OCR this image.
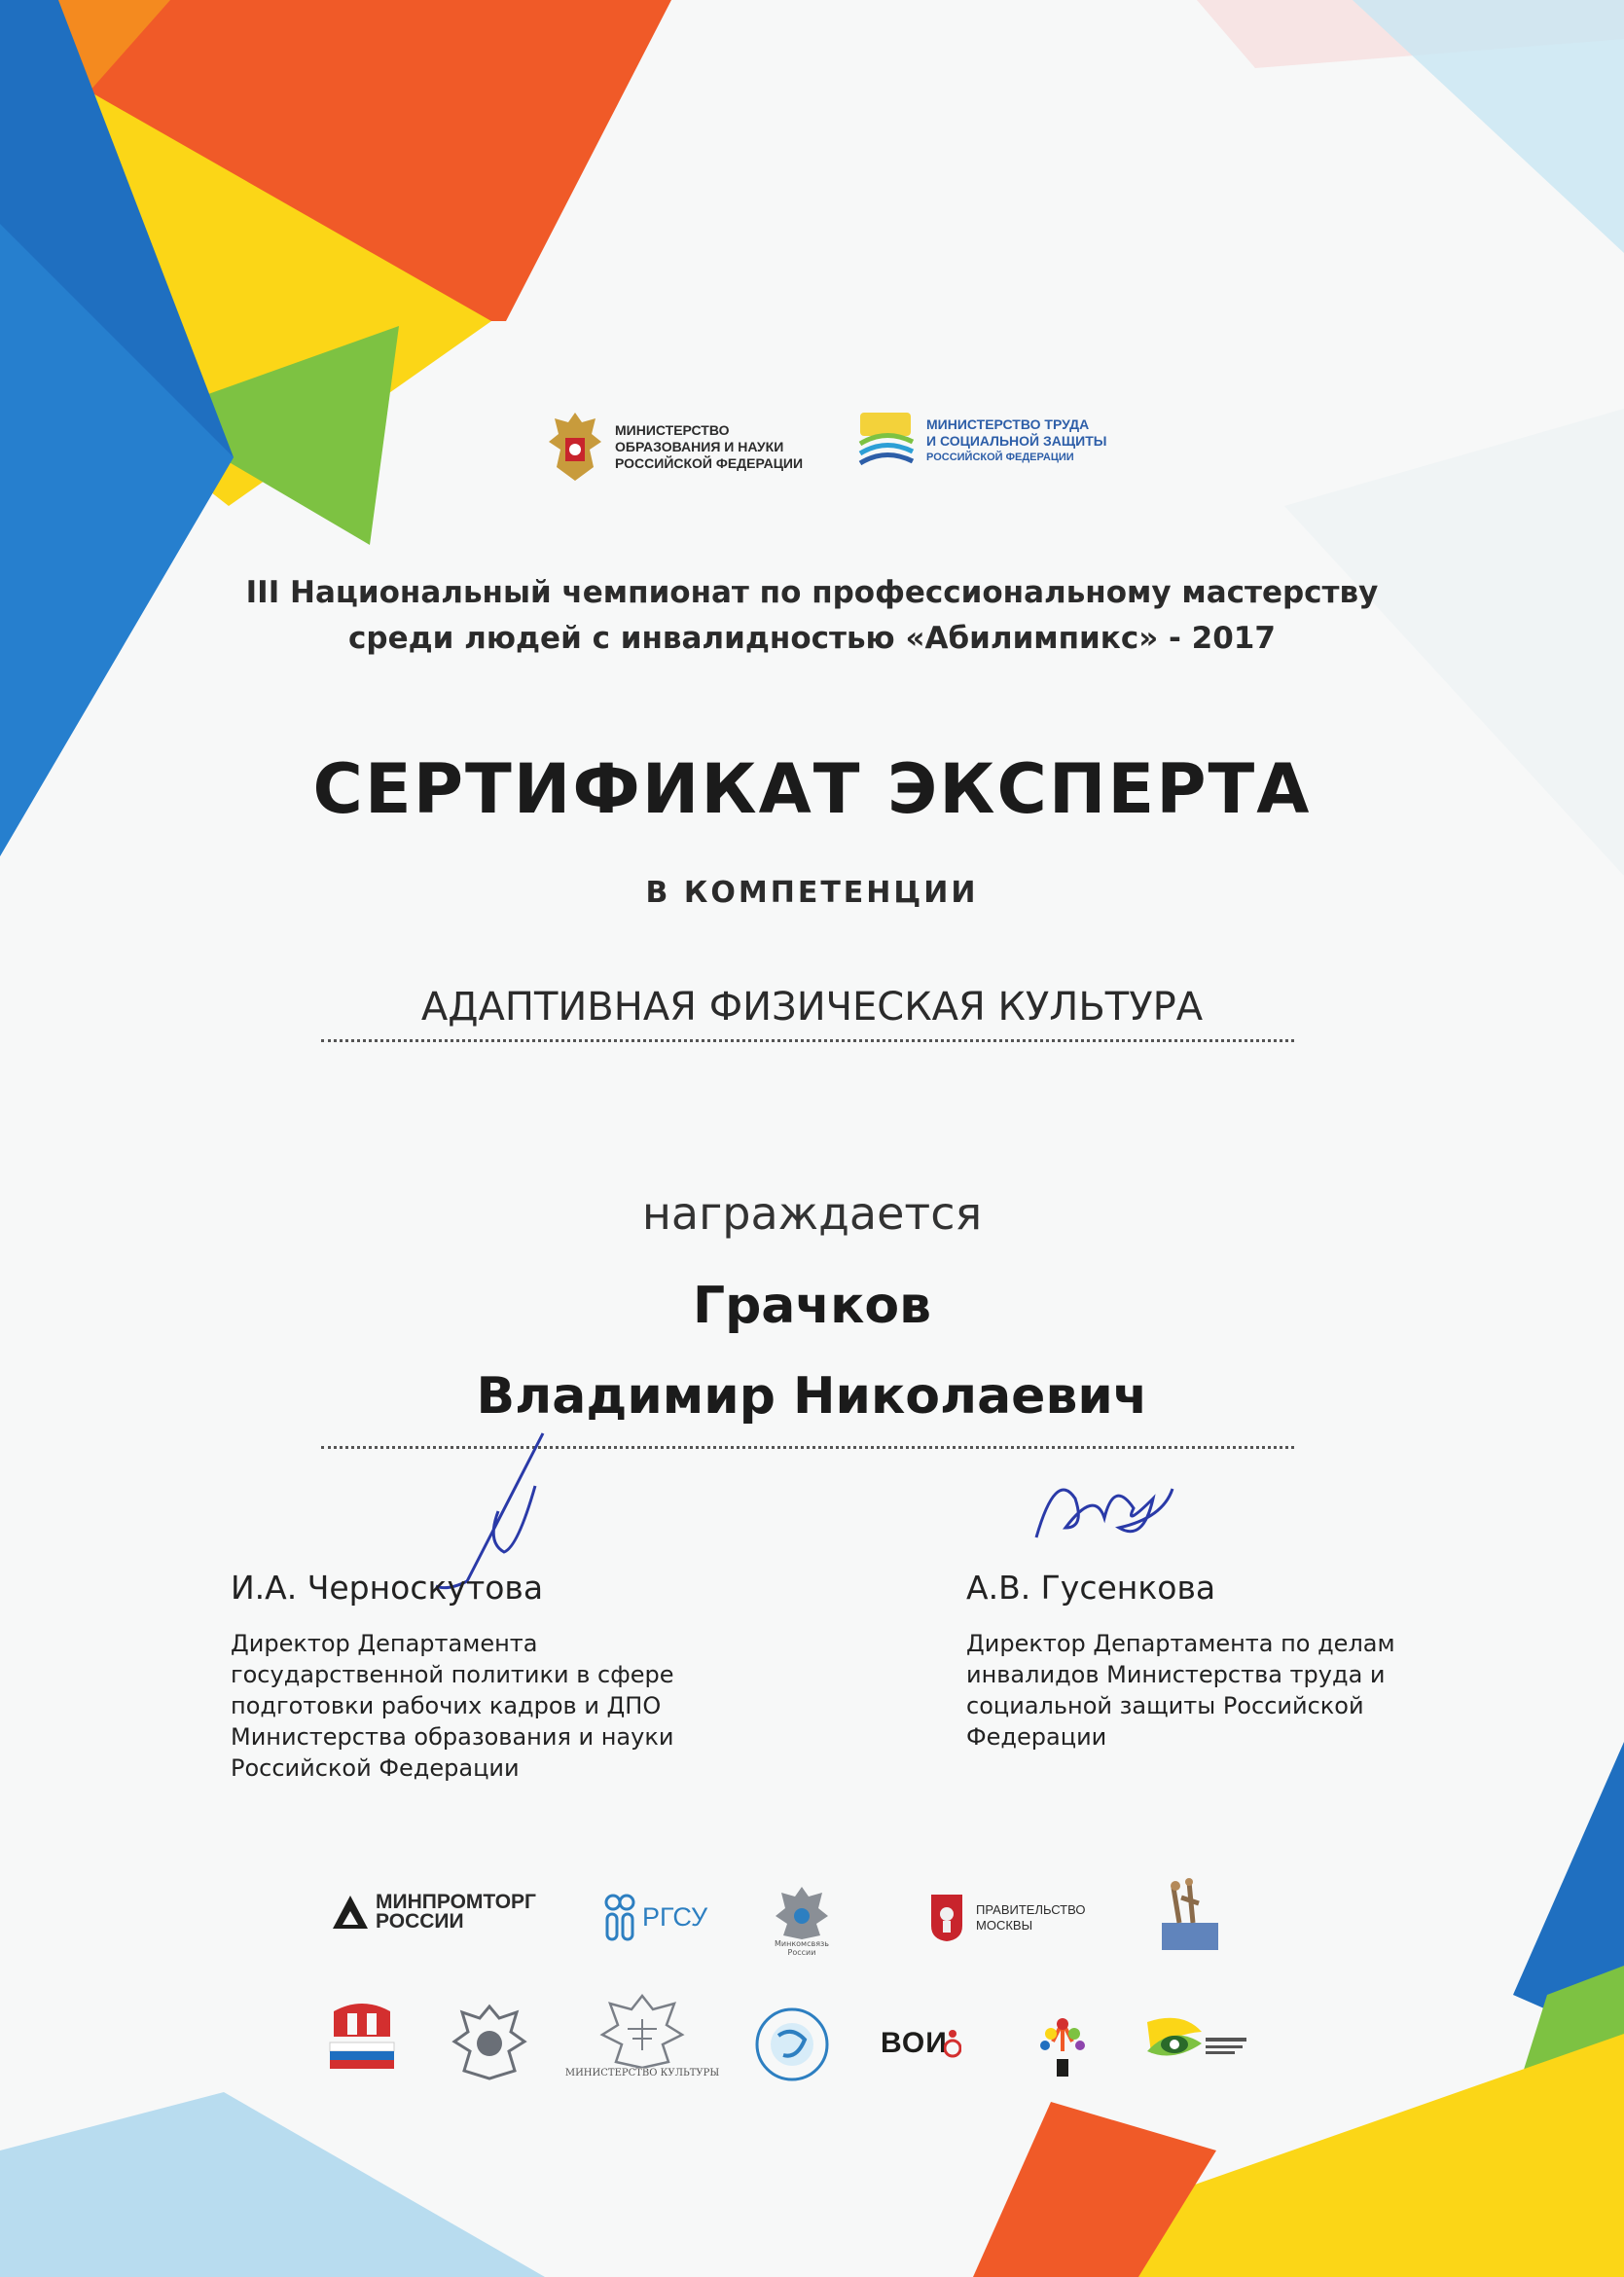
МИНИСТЕРСТВО
ОБРАЗОВАНИЯ И НАУКИ
РОССИЙСКОЙ ФЕДЕРАЦИИ
МИНИСТЕРСТВО ТРУДА
И СОЦИАЛЬНОЙ ЗАЩИТЫ
РОССИЙСКОЙ ФЕДЕРАЦИИ
III Национальный чемпионат по профессиональному мастерству
среди людей с инвалидностью «Абилимпикс» - 2017
СЕРТИФИКАТ ЭКСПЕРТА
В КОМПЕТЕНЦИИ
АДАПТИВНАЯ ФИЗИЧЕСКАЯ КУЛЬТУРА
награждается
Грачков
Владимир Николаевич
И.А. Черноскутова
Директор Департамента
государственной политики в сфере
подготовки рабочих кадров и ДПО
Министерства образования и науки
Российской Федерации
А.В. Гусенкова
Директор Департамента по делам
инвалидов Министерства труда и
социальной защиты Российской
Федерации
МИНПРОМТОРГ
РОССИИ	РГСУ
Минкомсвязь
России
ПРАВИТЕЛЬСТВО
МОСКВЫ
МИНИСТЕРСТВО КУЛЬТУРЫ
ВОИ
